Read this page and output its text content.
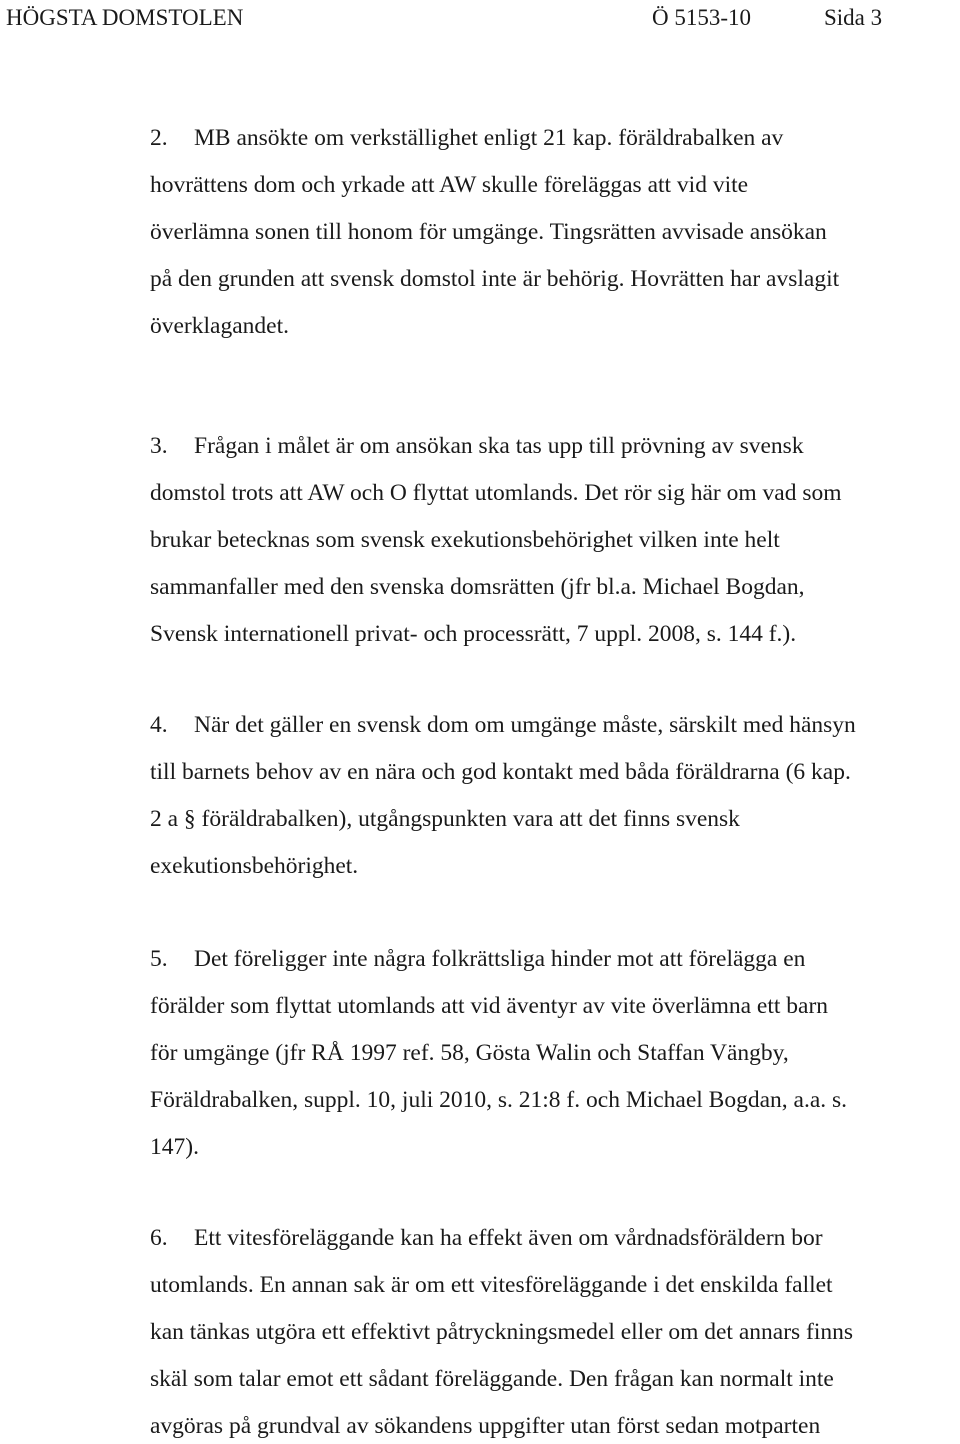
HÖGSTA DOMSTOLEN	Ö 5153-10	Sida 3
2. MB ansökte om verkställighet enligt 21 kap. föräldrabalken av
hovrättens dom och yrkade att AW skulle föreläggas att vid vite
överlämna sonen till honom för umgänge. Tingsrätten avvisade ansökan
på den grunden att svensk domstol inte är behörig. Hovrätten har avslagit
överklagandet.
3. Frågan i målet är om ansökan ska tas upp till prövning av svensk
domstol trots att AW och O flyttat utomlands. Det rör sig här om vad som
brukar betecknas som svensk exekutionsbehörighet vilken inte helt
sammanfaller med den svenska domsrätten (jfr bl.a. Michael Bogdan,
Svensk internationell privat- och processrätt, 7 uppl. 2008, s. 144 f.).
4. När det gäller en svensk dom om umgänge måste, särskilt med hänsyn
till barnets behov av en nära och god kontakt med båda föräldrarna (6 kap.
2 a § föräldrabalken), utgångspunkten vara att det finns svensk
exekutionsbehörighet.
5. Det föreligger inte några folkrättsliga hinder mot att förelägga en
förälder som flyttat utomlands att vid äventyr av vite överlämna ett barn
för umgänge (jfr RÅ 1997 ref. 58, Gösta Walin och Staffan Vängby,
Föräldrabalken, suppl. 10, juli 2010, s. 21:8 f. och Michael Bogdan, a.a. s.
147).
6. Ett vitesföreläggande kan ha effekt även om vårdnadsföräldern bor
utomlands. En annan sak är om ett vitesföreläggande i det enskilda fallet
kan tänkas utgöra ett effektivt påtryckningsmedel eller om det annars finns
skäl som talar emot ett sådant föreläggande. Den frågan kan normalt inte
avgöras på grundval av sökandens uppgifter utan först sedan motparten
